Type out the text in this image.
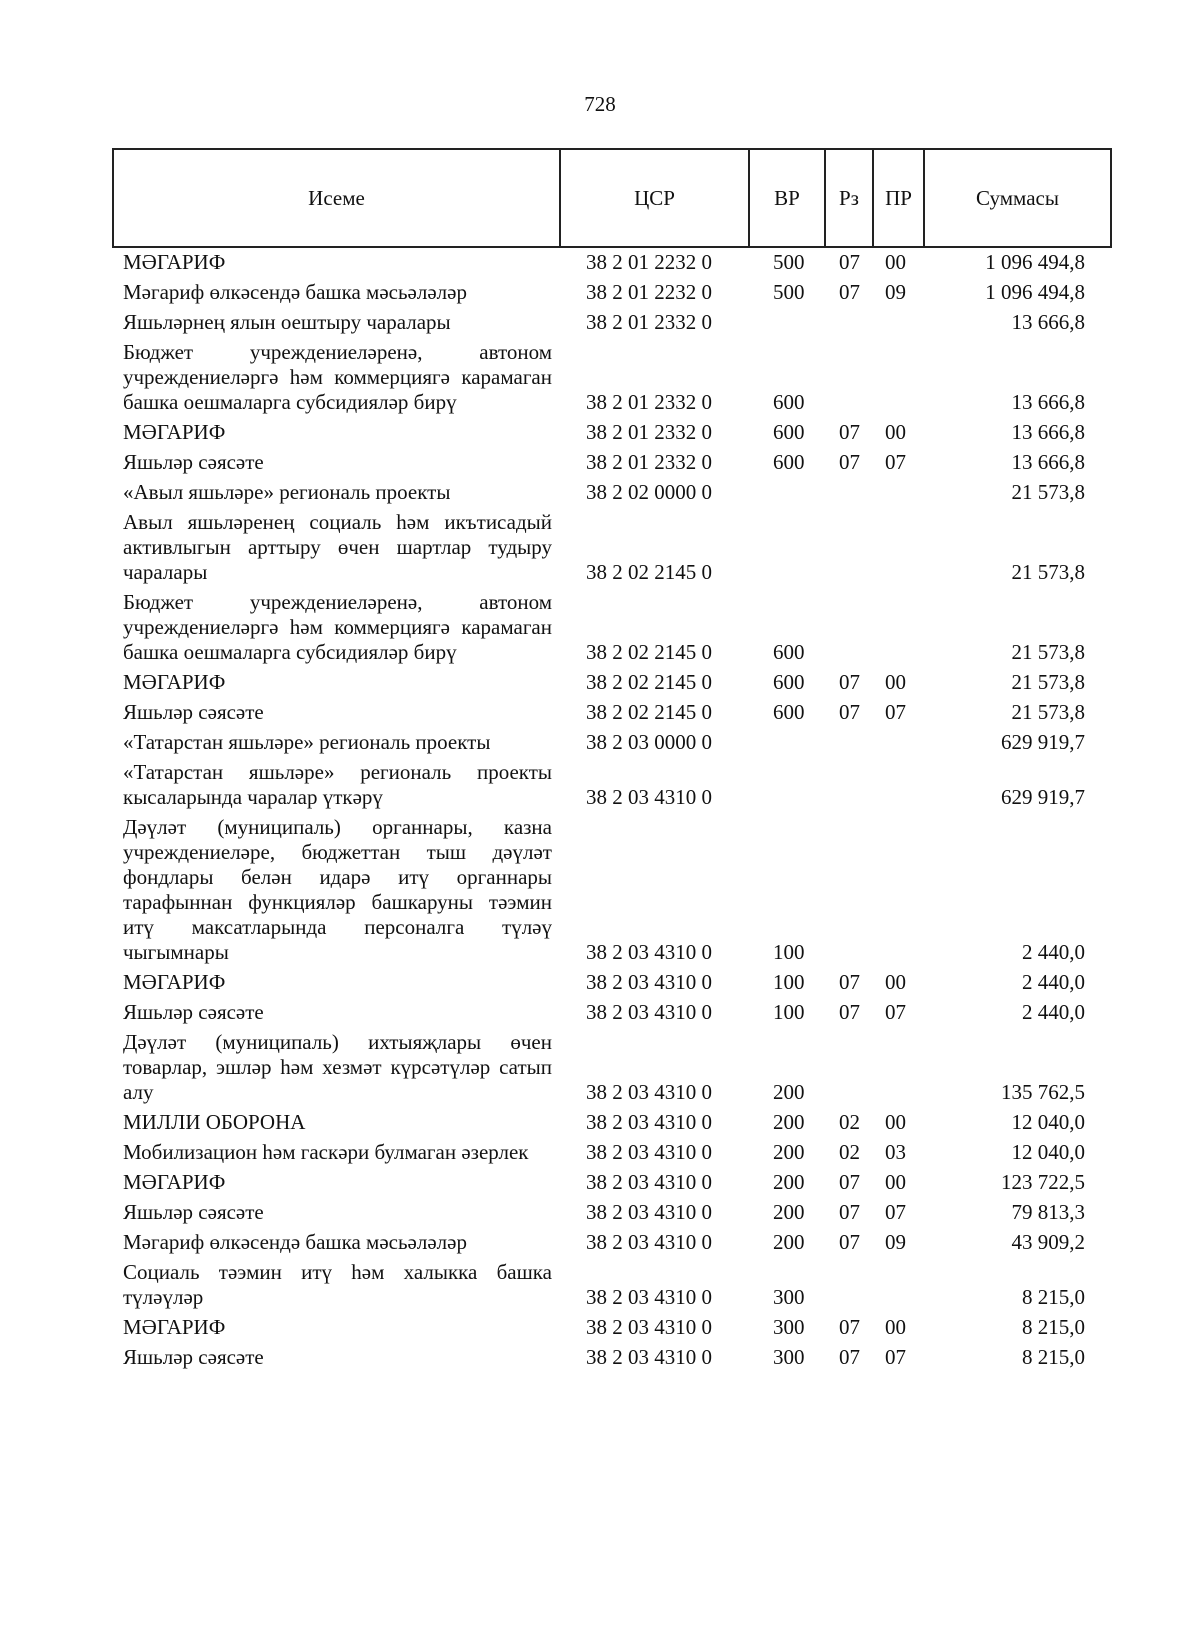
728
Исеме	ЦСР	ВР	Рз	ПР	Суммасы
МӘГАРИФ	38 2 01 2232 0	500	07	00	1 096 494,8
Мәгариф өлкәсендә башка мәсьәләләр	38 2 01 2232 0	500	07	09	1 096 494,8
Яшьләрнең ялын оештыру чаралары	38 2 01 2332 0				13 666,8
Бюджет учреждениеләренә, автоном учреждениеләргә һәм коммерциягә карамаган башка оешмаларга субсидияләр бирү	38 2 01 2332 0	600			13 666,8
МӘГАРИФ	38 2 01 2332 0	600	07	00	13 666,8
Яшьләр сәясәте	38 2 01 2332 0	600	07	07	13 666,8
«Авыл яшьләре» региональ проекты	38 2 02 0000 0				21 573,8
Авыл яшьләренең социаль һәм икътисадый активлыгын арттыру өчен шартлар тудыру чаралары	38 2 02 2145 0				21 573,8
Бюджет учреждениеләренә, автоном учреждениеләргә һәм коммерциягә карамаган башка оешмаларга субсидияләр бирү	38 2 02 2145 0	600			21 573,8
МӘГАРИФ	38 2 02 2145 0	600	07	00	21 573,8
Яшьләр сәясәте	38 2 02 2145 0	600	07	07	21 573,8
«Татарстан яшьләре» региональ проекты	38 2 03 0000 0				629 919,7
«Татарстан яшьләре» региональ проекты кысаларында чаралар үткәрү	38 2 03 4310 0				629 919,7
Дәүләт (муниципаль) органнары, казна учреждениеләре, бюджеттан тыш дәүләт фондлары белән идарә итү органнары тарафыннан функцияләр башкаруны тәэмин итү максатларында персоналга түләү чыгымнары	38 2 03 4310 0	100			2 440,0
МӘГАРИФ	38 2 03 4310 0	100	07	00	2 440,0
Яшьләр сәясәте	38 2 03 4310 0	100	07	07	2 440,0
Дәүләт (муниципаль) ихтыяҗлары өчен товарлар, эшләр һәм хезмәт күрсәтүләр сатып алу	38 2 03 4310 0	200			135 762,5
МИЛЛИ ОБОРОНА	38 2 03 4310 0	200	02	00	12 040,0
Мобилизацион һәм гаскәри булмаган әзерлек	38 2 03 4310 0	200	02	03	12 040,0
МӘГАРИФ	38 2 03 4310 0	200	07	00	123 722,5
Яшьләр сәясәте	38 2 03 4310 0	200	07	07	79 813,3
Мәгариф өлкәсендә башка мәсьәләләр	38 2 03 4310 0	200	07	09	43 909,2
Социаль тәэмин итү һәм халыкка башка түләүләр	38 2 03 4310 0	300			8 215,0
МӘГАРИФ	38 2 03 4310 0	300	07	00	8 215,0
Яшьләр сәясәте	38 2 03 4310 0	300	07	07	8 215,0
